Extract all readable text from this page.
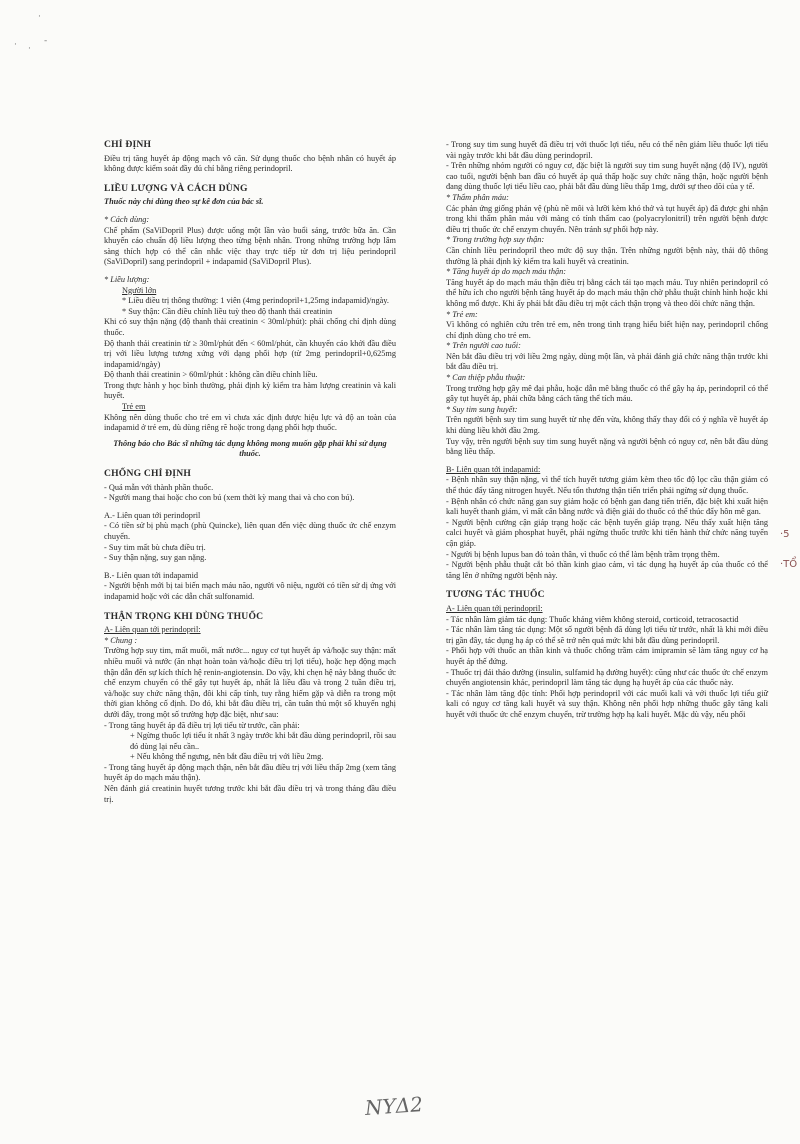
·
· ·
-

CHỈ ĐỊNH

Điều trị tăng huyết áp động mạch vô căn. Sử dụng thuốc cho bệnh nhân có huyết áp không được kiểm soát đầy đủ chỉ bằng riêng perindopril.

LIỀU LƯỢNG VÀ CÁCH DÙNG

Thuốc này chỉ dùng theo sự kê đơn của bác sĩ.

* Cách dùng:

Chế phẩm (SaViDopril Plus) được uống một lần vào buổi sáng, trước bữa ăn. Cần khuyến cáo chuẩn độ liều lượng theo từng bệnh nhân. Trong những trường hợp lâm sàng thích hợp có thể cân nhắc việc thay trực tiếp từ đơn trị liệu perindopril (SaViDopril) sang perindopril + indapamid (SaViDopril Plus).

* Liều lượng:

Người lớn

* Liều điều trị thông thường: 1 viên (4mg perindopril+1,25mg indapamid)/ngày.

* Suy thận: Cần điều chỉnh liều tuỳ theo độ thanh thải creatinin

Khi có suy thận nặng (độ thanh thải creatinin < 30ml/phút): phải chống chỉ định dùng thuốc.

Độ thanh thải creatinin từ ≥ 30ml/phút đến < 60ml/phút, cần khuyến cáo khởi đầu điều trị với liều lượng tương xứng với dạng phối hợp (từ 2mg perindopril+0,625mg indapamid/ngày)

Độ thanh thải creatinin > 60ml/phút : không cần điều chỉnh liều.

Trong thực hành y học bình thường, phải định kỳ kiểm tra hàm lượng creatinin và kali huyết.

Trẻ em

Không nên dùng thuốc cho trẻ em vì chưa xác định được hiệu lực và độ an toàn của indapamid ở trẻ em, dù dùng riêng rẽ hoặc trong dạng phối hợp thuốc.

Thông báo cho Bác sĩ những tác dụng không mong muốn gặp phải khi sử dụng thuốc.

CHỐNG CHỈ ĐỊNH

- Quá mẫn với thành phần thuốc.

- Người mang thai hoặc cho con bú (xem thời kỳ mang thai và cho con bú).

A.- Liên quan tới perindopril

- Có tiền sử bị phù mạch (phù Quincke), liên quan đến việc dùng thuốc ức chế enzym chuyển.

- Suy tim mất bù chưa điều trị.

- Suy thận nặng, suy gan nặng.

B.- Liên quan tới indapamid

- Người bệnh mới bị tai biến mạch máu não, người vô niệu, người có tiền sử dị ứng với indapamid hoặc với các dẫn chất sulfonamid.

THẬN TRỌNG KHI DÙNG THUỐC

A- Liên quan tới perindopril:

* Chung :

Trường hợp suy tim, mất muối, mất nước... nguy cơ tụt huyết áp và/hoặc suy thận: mất nhiều muối và nước (ăn nhạt hoàn toàn và/hoặc điều trị lợi tiểu), hoặc hẹp động mạch thận dẫn đến sự kích thích hệ renin-angiotensin. Do vậy, khi chẹn hệ này bằng thuốc ức chế enzym chuyển có thể gây tụt huyết áp, nhất là liều đầu và trong 2 tuần điều trị, và/hoặc suy chức năng thận, đôi khi cấp tính, tuy rằng hiếm gặp và diễn ra trong một thời gian không cố định. Do đó, khi bắt đầu điều trị, cần tuân thủ một số khuyến nghị dưới đây, trong một số trường hợp đặc biệt, như sau:

- Trong tăng huyết áp đã điều trị lợi tiểu từ trước, cần phải:

+ Ngừng thuốc lợi tiểu ít nhất 3 ngày trước khi bắt đầu dùng perindopril, rồi sau đó dùng lại nếu cần..

+ Nếu không thể ngưng, nên bắt đầu điều trị với liều 2mg.

- Trong tăng huyết áp động mạch thận, nên bắt đầu điều trị với liều thấp 2mg (xem tăng huyết áp do mạch máu thận).

Nên đánh giá creatinin huyết tương trước khi bắt đầu điều trị và trong tháng đầu điều trị.

- Trong suy tim sung huyết đã điều trị với thuốc lợi tiểu, nếu có thể nên giảm liều thuốc lợi tiểu vài ngày trước khi bắt đầu dùng perindopril.

- Trên những nhóm người có nguy cơ, đặc biệt là người suy tim sung huyết nặng (độ IV), người cao tuổi, người bệnh ban đầu có huyết áp quá thấp hoặc suy chức năng thận, hoặc người bệnh đang dùng thuốc lợi tiểu liều cao, phải bắt đầu dùng liều thấp 1mg, dưới sự theo dõi của y tế.

* Thẩm phân máu:

Các phản ứng giống phản vệ (phù nề môi và lưỡi kèm khó thở và tụt huyết áp) đã được ghi nhận trong khi thẩm phân máu với màng có tính thấm cao (polyacrylonitril) trên người bệnh được điều trị thuốc ức chế enzym chuyển. Nên tránh sự phối hợp này.

* Trong trường hợp suy thận:

Cần chỉnh liều perindopril theo mức độ suy thận. Trên những người bệnh này, thái độ thông thường là phải định kỳ kiểm tra kali huyết và creatinin.

* Tăng huyết áp do mạch máu thận:

Tăng huyết áp do mạch máu thận điều trị bằng cách tái tạo mạch máu. Tuy nhiên perindopril có thể hữu ích cho người bệnh tăng huyết áp do mạch máu thận chờ phẫu thuật chỉnh hình hoặc khi không mổ được. Khi ấy phải bắt đầu điều trị một cách thận trọng và theo dõi chức năng thận.

* Trẻ em:

Vì không có nghiên cứu trên trẻ em, nên trong tình trạng hiểu biết hiện nay, perindopril chống chỉ định dùng cho trẻ em.

* Trên người cao tuổi:

Nên bắt đầu điều trị với liều 2mg ngày, dùng một lần, và phải đánh giá chức năng thận trước khi bắt đầu điều trị.

* Can thiệp phẫu thuật:

Trong trường hợp gây mê đại phẫu, hoặc dẫn mê bằng thuốc có thể gây hạ áp, perindopril có thể gây tụt huyết áp, phải chữa bằng cách tăng thể tích máu.

* Suy tim sung huyết:

Trên người bệnh suy tim sung huyết từ nhẹ đến vừa, không thấy thay đổi có ý nghĩa về huyết áp khi dùng liều khởi đầu 2mg.

Tuy vậy, trên người bệnh suy tim sung huyết nặng và người bệnh có nguy cơ, nên bắt đầu dùng bằng liều thấp.

B- Liên quan tới indapamid:

- Bệnh nhân suy thận nặng, vì thể tích huyết tương giảm kèm theo tốc độ lọc cầu thận giảm có thể thúc đẩy tăng nitrogen huyết. Nếu tổn thương thận tiến triển phải ngừng sử dụng thuốc.

- Bệnh nhân có chức năng gan suy giảm hoặc có bệnh gan đang tiến triển, đặc biệt khi xuất hiện kali huyết thanh giảm, vì mất cân bằng nước và điện giải do thuốc có thể thúc đẩy hôn mê gan.

- Người bệnh cường cận giáp trạng hoặc các bệnh tuyến giáp trạng. Nếu thấy xuất hiện tăng calci huyết và giảm phosphat huyết, phải ngừng thuốc trước khi tiến hành thử chức năng tuyến cận giáp.

- Người bị bệnh lupus ban đỏ toàn thân, vì thuốc có thể làm bệnh trầm trọng thêm.

- Người bệnh phẫu thuật cắt bỏ thần kinh giao cảm, vì tác dụng hạ huyết áp của thuốc có thể tăng lên ở những người bệnh này.

TƯƠNG TÁC THUỐC

A- Liên quan tới perindopril:

- Tác nhân làm giảm tác dụng: Thuốc kháng viêm không steroid, corticoid, tetracosactid

- Tác nhân làm tăng tác dụng: Một số người bệnh đã dùng lợi tiểu từ trước, nhất là khi mới điều trị gần đây, tác dụng hạ áp có thể sẽ trở nên quá mức khi bắt đầu dùng perindopril.

- Phối hợp với thuốc an thần kinh và thuốc chống trầm cảm imipramin sẽ làm tăng nguy cơ hạ huyết áp thế đứng.

- Thuốc trị đái tháo đường (insulin, sulfamid hạ đường huyết): cũng như các thuốc ức chế enzym chuyển angiotensin khác, perindopril làm tăng tác dụng hạ huyết áp của các thuốc này.

- Tác nhân làm tăng độc tính: Phối hợp perindopril với các muối kali và với thuốc lợi tiểu giữ kali có nguy cơ tăng kali huyết và suy thận. Không nên phối hợp những thuốc gây tăng kali huyết với thuốc ức chế enzym chuyển, trừ trường hợp hạ kali huyết. Mặc dù vậy, nếu phối

·5 ·TỔ
ΝΥΔ2
